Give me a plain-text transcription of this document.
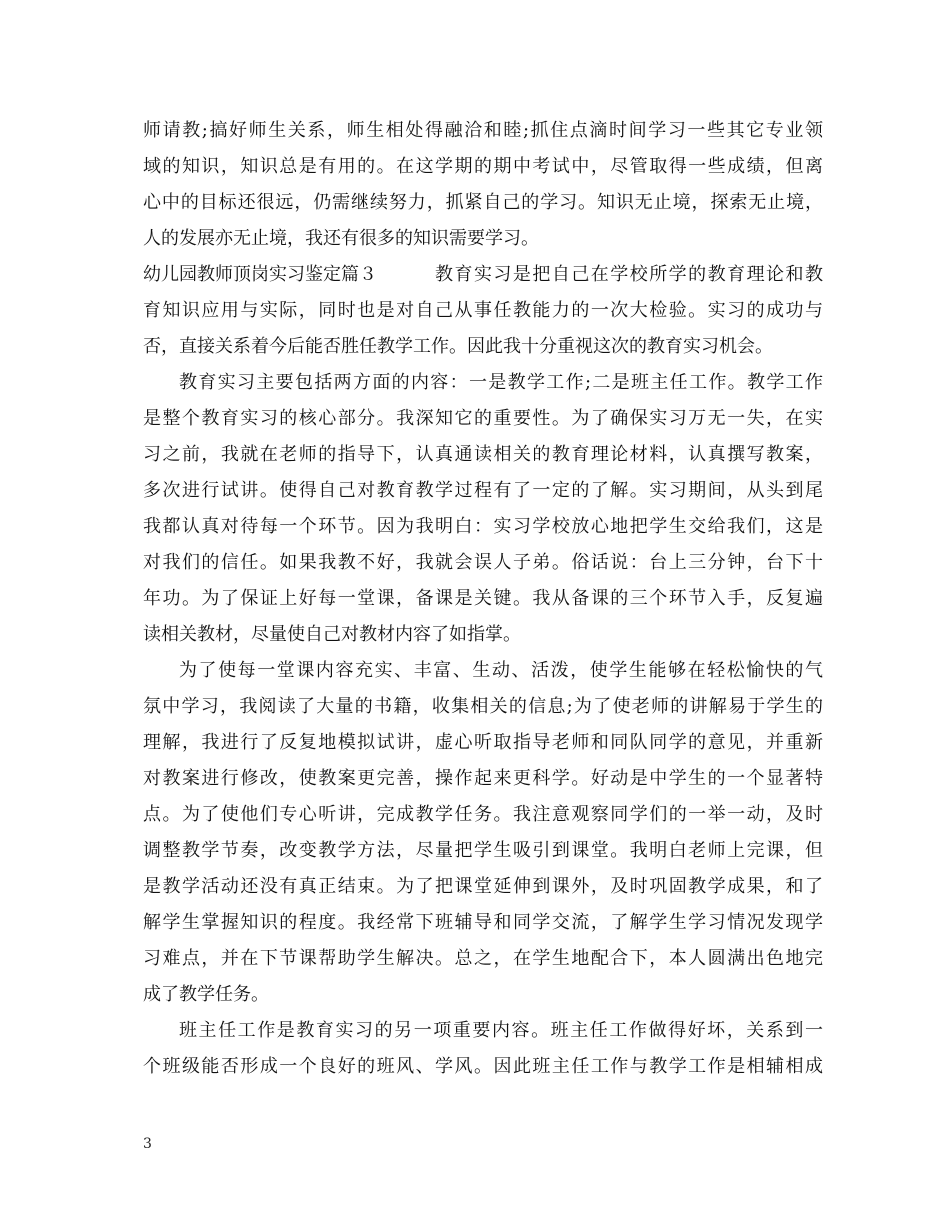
师请教;搞好师生关系，师生相处得融洽和睦;抓住点滴时间学习一些其它专业领
域的知识，知识总是有用的。在这学期的期中考试中，尽管取得一些成绩，但离
心中的目标还很远，仍需继续努力，抓紧自己的学习。知识无止境，探索无止境，
人的发展亦无止境，我还有很多的知识需要学习。
幼儿园教师顶岗实习鉴定篇３	教育实习是把自己在学校所学的教育理论和教
育知识应用与实际，同时也是对自己从事任教能力的一次大检验。实习的成功与
否，直接关系着今后能否胜任教学工作。因此我十分重视这次的教育实习机会。
教育实习主要包括两方面的内容：一是教学工作;二是班主任工作。教学工作
是整个教育实习的核心部分。我深知它的重要性。为了确保实习万无一失，在实
习之前，我就在老师的指导下，认真通读相关的教育理论材料，认真撰写教案，
多次进行试讲。使得自己对教育教学过程有了一定的了解。实习期间，从头到尾
我都认真对待每一个环节。因为我明白：实习学校放心地把学生交给我们，这是
对我们的信任。如果我教不好，我就会误人子弟。俗话说：台上三分钟，台下十
年功。为了保证上好每一堂课，备课是关键。我从备课的三个环节入手，反复遍
读相关教材，尽量使自己对教材内容了如指掌。
为了使每一堂课内容充实、丰富、生动、活泼，使学生能够在轻松愉快的气
氛中学习，我阅读了大量的书籍，收集相关的信息;为了使老师的讲解易于学生的
理解，我进行了反复地模拟试讲，虚心听取指导老师和同队同学的意见，并重新
对教案进行修改，使教案更完善，操作起来更科学。好动是中学生的一个显著特
点。为了使他们专心听讲，完成教学任务。我注意观察同学们的一举一动，及时
调整教学节奏，改变教学方法，尽量把学生吸引到课堂。我明白老师上完课，但
是教学活动还没有真正结束。为了把课堂延伸到课外，及时巩固教学成果，和了
解学生掌握知识的程度。我经常下班辅导和同学交流，了解学生学习情况发现学
习难点，并在下节课帮助学生解决。总之，在学生地配合下，本人圆满出色地完
成了教学任务。
班主任工作是教育实习的另一项重要内容。班主任工作做得好坏，关系到一
个班级能否形成一个良好的班风、学风。因此班主任工作与教学工作是相辅相成
3
